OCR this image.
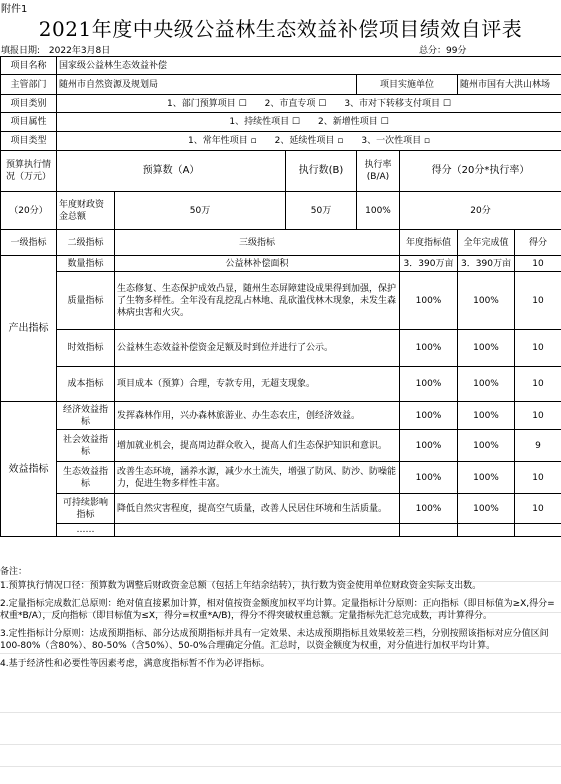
附件1
2021年度中央级公益林生态效益补偿项目绩效自评表
填报日期: 2022年3月8日	总分：99分
项目名称	国家级公益林生态效益补偿						
主管部门	随州市自然资源及规划局			项目实施单位		随州市国有大洪山林场	
项目类别	1、部门预算项目 ☐　　2、市直专项 ☐　　3、市对下转移支付项目 ☐						
项目属性	1、持续性项目 ☐　　2、新增性项目 ☐						
项目类型	1、常年性项目 ▫　　2、延续性项目 ▫　　3、一次性项目 ▫						
预算执行情况（万元）	预算数（A）		执行数(B)	执行率(B/A)	得分（20分*执行率）		
（20分）	年度财政资金总额	50万	50万	100%	20分		
一级指标	二级指标	三级指标			年度指标值	全年完成值	得分
产出指标	数量指标	公益林补偿面积			3．390万亩	3．390万亩	10
	质量指标	生态修复、生态保护成效凸显，随州生态屏障建设成果得到加强，保护了生物多样性。全年没有乱挖乱占林地、乱砍滥伐林木现象，未发生森林病虫害和火灾。			100%	100%	10
	时效指标	公益林生态效益补偿资金足额及时到位并进行了公示。			100%	100%	10
	成本指标	项目成本（预算）合理，专款专用，无超支现象。			100%	100%	10
效益指标	经济效益指标	发挥森林作用，兴办森林旅游业、办生态农庄，创经济效益。			100%	100%	10
	社会效益指标	增加就业机会，提高周边群众收入，提高人们生态保护知识和意识。			100%	100%	9
	生态效益指标	改善生态环境，涵养水源，减少水土流失，增强了防风、防沙、防噪能力，促进生物多样性丰富。			100%	100%	10
	可持续影响指标	降低自然灾害程度，提高空气质量，改善人民居住环境和生活质量。			100%	100%	10
	……						

备注：

1.预算执行情况口径：预算数为调整后财政资金总额（包括上年结余结转），执行数为资金使用单位财政资金实际支出数。

2.定量指标完成数汇总原则：绝对值直接累加计算，相对值按资金额度加权平均计算。定量指标计分原则：正向指标（即目标值为≥X,得分=权重*B/A），反向指标（即目标值为≤X，得分=权重*A/B)，得分不得突破权重总额。定量指标先汇总完成数，再计算得分。

3.定性指标计分原则：达成预期指标、部分达成预期指标并具有一定效果、未达成预期指标且效果较差三档，分别按照该指标对应分值区间100-80%（含80%）、80-50%（含50%）、50-0%合理确定分值。汇总时，以资金额度为权重，对分值进行加权平均计算。

4.基于经济性和必要性等因素考虑，满意度指标暂不作为必评指标。
